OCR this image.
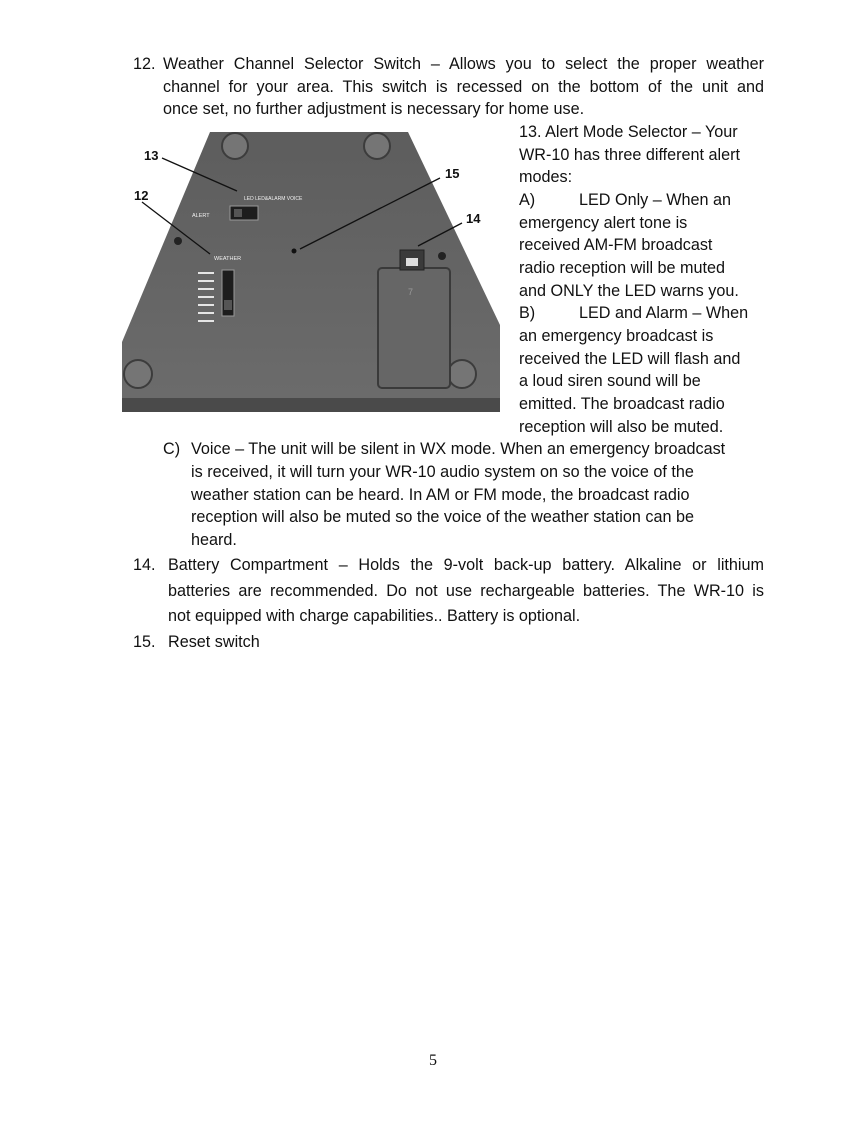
12. Weather Channel Selector Switch – Allows you to select the proper weather
channel for your area. This switch is recessed on the bottom of the unit and
once set, no further adjustment is necessary for home use.
LED LED&ALARM VOICE
ALERT
WEATHER
7
13
12
15
14
13. Alert Mode Selector – Your
WR-10 has three different alert
modes:
A)	LED Only – When an
emergency alert tone is
received AM-FM broadcast
radio reception will be muted
and ONLY the LED warns you.
B)	LED and Alarm – When
an emergency broadcast is
received the LED will flash and
a loud siren sound will be
emitted. The broadcast radio
reception will also be muted.
C) Voice – The unit will be silent in WX mode. When an emergency broadcast
is received, it will turn your WR-10 audio system on so the voice of the
weather station can be heard. In AM or FM mode, the broadcast radio
reception will also be muted so the voice of the weather station can be
heard.
14. Battery Compartment – Holds the 9-volt back-up battery. Alkaline or lithium
batteries are recommended. Do not use rechargeable batteries. The WR-10 is
not equipped with charge capabilities.. Battery is optional.
15. Reset switch
5
